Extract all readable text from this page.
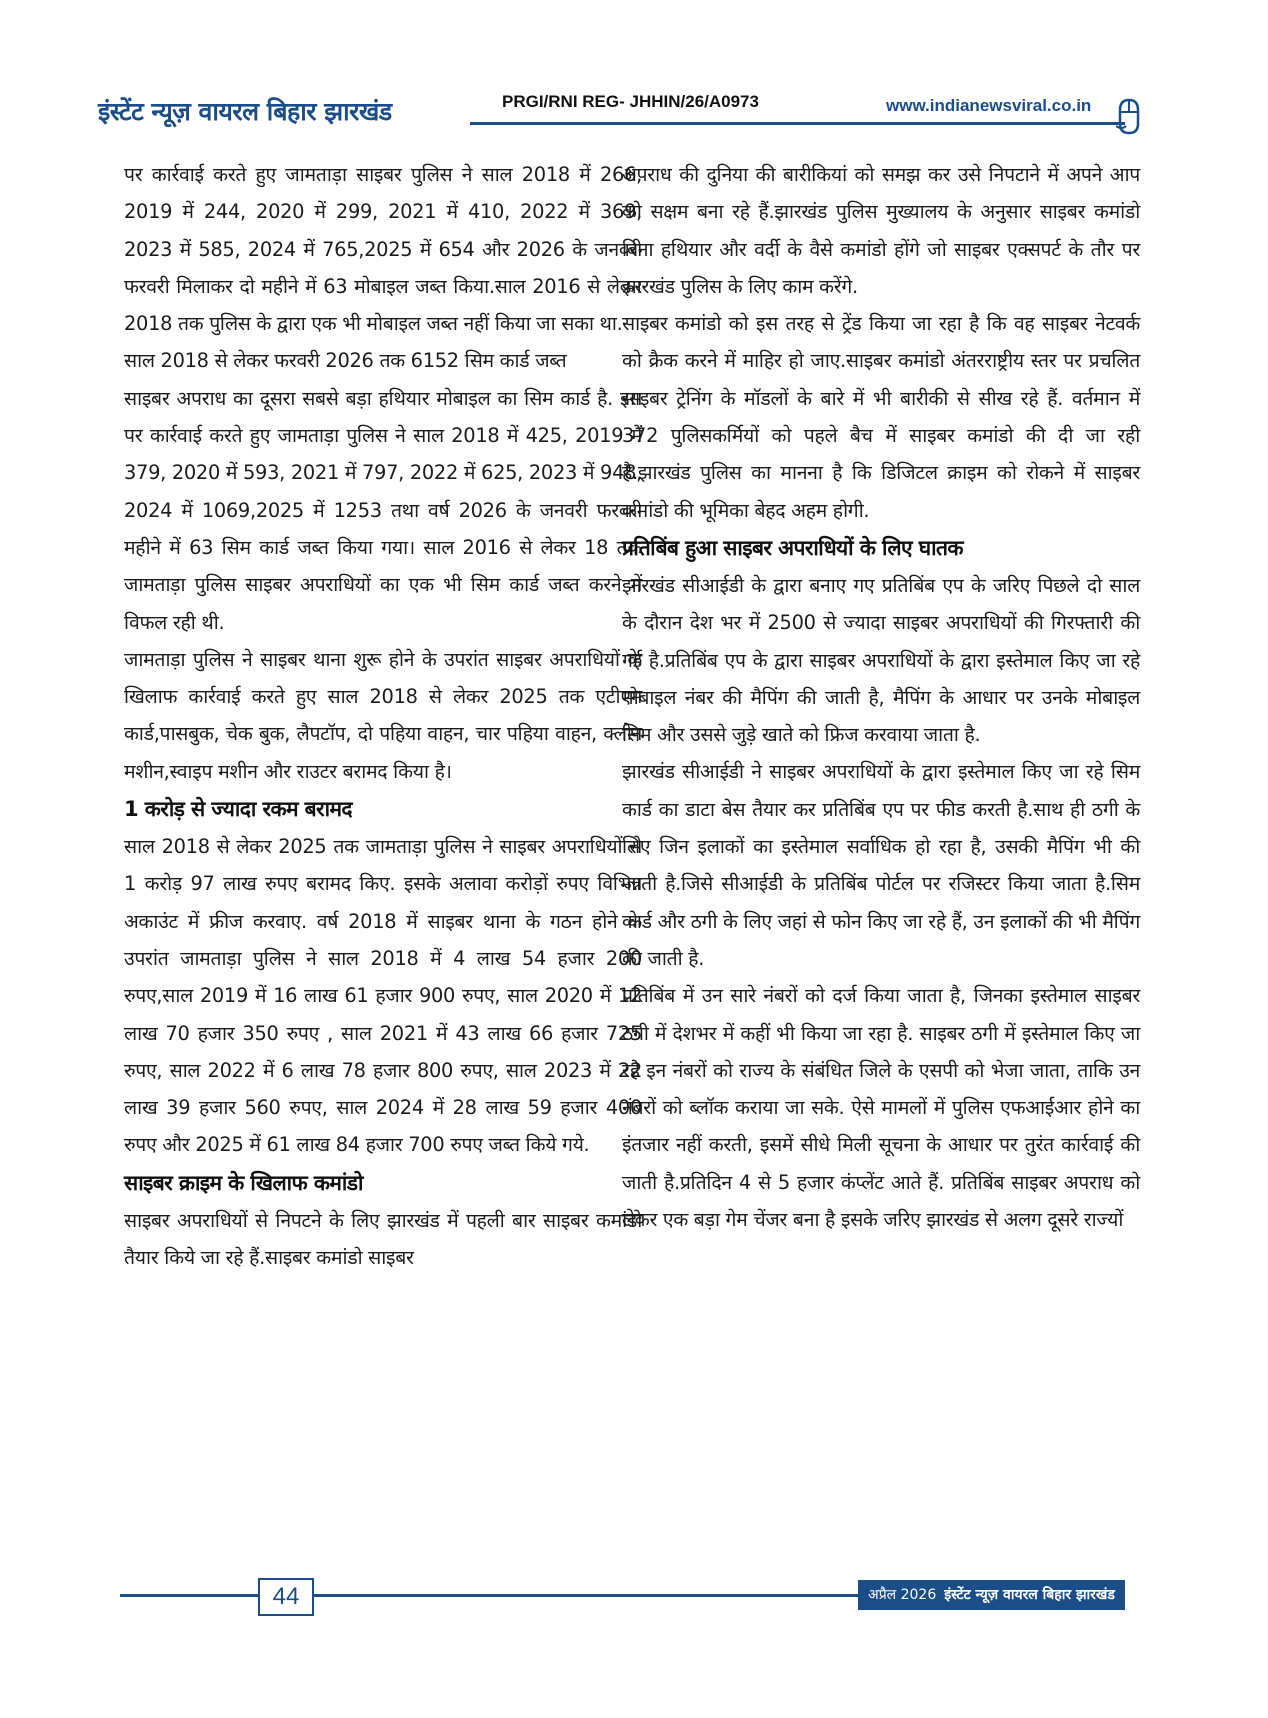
इंस्टेंट न्यूज़ वायरल बिहार झारखंड	PRGI/RNI REG- JHHIN/26/A0973	www.indianewsviral.co.in

पर कार्रवाई करते हुए जामताड़ा साइबर पुलिस ने साल 2018 में 266, 2019 में 244, 2020 में 299, 2021 में 410, 2022 में 369, 2023 में 585, 2024 में 765,2025 में 654 और 2026 के जनवरी फरवरी मिलाकर दो महीने में 63 मोबाइल जब्त किया.साल 2016 से लेकर 2018 तक पुलिस के द्वारा एक भी मोबाइल जब्त नहीं किया जा सका था.

साल 2018 से लेकर फरवरी 2026 तक 6152 सिम कार्ड जब्त

साइबर अपराध का दूसरा सबसे बड़ा हथियार मोबाइल का सिम कार्ड है. इस पर कार्रवाई करते हुए जामताड़ा पुलिस ने साल 2018 में 425, 2019 में 379, 2020 में 593, 2021 में 797, 2022 में 625, 2023 में 948, 2024 में 1069,2025 में 1253 तथा वर्ष 2026 के जनवरी फरवरी महीने में 63 सिम कार्ड जब्त किया गया। साल 2016 से लेकर 18 तक जामताड़ा पुलिस साइबर अपराधियों का एक भी सिम कार्ड जब्त करने में विफल रही थी.

जामताड़ा पुलिस ने साइबर थाना शुरू होने के उपरांत साइबर अपराधियों के खिलाफ कार्रवाई करते हुए साल 2018 से लेकर 2025 तक एटीएम कार्ड,पासबुक, चेक बुक, लैपटॉप, दो पहिया वाहन, चार पहिया वाहन, क्लोन मशीन,स्वाइप मशीन और राउटर बरामद किया है।

1 करोड़ से ज्यादा रकम बरामद

साल 2018 से लेकर 2025 तक जामताड़ा पुलिस ने साइबर अपराधियों से 1 करोड़ 97 लाख रुपए बरामद किए. इसके अलावा करोड़ों रुपए विभिन्न अकाउंट में फ्रीज करवाए. वर्ष 2018 में साइबर थाना के गठन होने के उपरांत जामताड़ा पुलिस ने साल 2018 में 4 लाख 54 हजार 200 रुपए,साल 2019 में 16 लाख 61 हजार 900 रुपए, साल 2020 में 12 लाख 70 हजार 350 रुपए , साल 2021 में 43 लाख 66 हजार 725 रुपए, साल 2022 में 6 लाख 78 हजार 800 रुपए, साल 2023 में 22 लाख 39 हजार 560 रुपए, साल 2024 में 28 लाख 59 हजार 400 रुपए और 2025 में 61 लाख 84 हजार 700 रुपए जब्त किये गये.

साइबर क्राइम के खिलाफ कमांडो

साइबर अपराधियों से निपटने के लिए झारखंड में पहली बार साइबर कमांडो तैयार किये जा रहे हैं.साइबर कमांडो साइबर

अपराध की दुनिया की बारीकियां को समझ कर उसे निपटाने में अपने आप को सक्षम बना रहे हैं.झारखंड पुलिस मुख्यालय के अनुसार साइबर कमांडो बिना हथियार और वर्दी के वैसे कमांडो होंगे जो साइबर एक्सपर्ट के तौर पर झारखंड पुलिस के लिए काम करेंगे.

साइबर कमांडो को इस तरह से ट्रेंड किया जा रहा है कि वह साइबर नेटवर्क को क्रैक करने में माहिर हो जाए.साइबर कमांडो अंतरराष्ट्रीय स्तर पर प्रचलित साइबर ट्रेनिंग के मॉडलों के बारे में भी बारीकी से सीख रहे हैं. वर्तमान में 372 पुलिसकर्मियों को पहले बैच में साइबर कमांडो की दी जा रही है.झारखंड पुलिस का मानना है कि डिजिटल क्राइम को रोकने में साइबर कमांडो की भूमिका बेहद अहम होगी.

प्रतिबिंब हुआ साइबर अपराधियों के लिए घातक

झारखंड सीआईडी के द्वारा बनाए गए प्रतिबिंब एप के जरिए पिछले दो साल के दौरान देश भर में 2500 से ज्यादा साइबर अपराधियों की गिरफ्तारी की गई है.प्रतिबिंब एप के द्वारा साइबर अपराधियों के द्वारा इस्तेमाल किए जा रहे मोबाइल नंबर की मैपिंग की जाती है, मैपिंग के आधार पर उनके मोबाइल सिम और उससे जुड़े खाते को फ्रिज करवाया जाता है.

झारखंड सीआईडी ने साइबर अपराधियों के द्वारा इस्तेमाल किए जा रहे सिम कार्ड का डाटा बेस तैयार कर प्रतिबिंब एप पर फीड करती है.साथ ही ठगी के लिए जिन इलाकों का इस्तेमाल सर्वाधिक हो रहा है, उसकी मैपिंग भी की जाती है.जिसे सीआईडी के प्रतिबिंब पोर्टल पर रजिस्टर किया जाता है.सिम कार्ड और ठगी के लिए जहां से फोन किए जा रहे हैं, उन इलाकों की भी मैपिंग की जाती है.

प्रतिबिंब में उन सारे नंबरों को दर्ज किया जाता है, जिनका इस्तेमाल साइबर ठगी में देशभर में कहीं भी किया जा रहा है. साइबर ठगी में इस्तेमाल किए जा रहे इन नंबरों को राज्य के संबंधित जिले के एसपी को भेजा जाता, ताकि उन नंबरों को ब्लॉक कराया जा सके. ऐसे मामलों में पुलिस एफआईआर होने का इंतजार नहीं करती, इसमें सीधे मिली सूचना के आधार पर तुरंत कार्रवाई की जाती है.प्रतिदिन 4 से 5 हजार कंप्लेंट आते हैं. प्रतिबिंब साइबर अपराध को लेकर एक बड़ा गेम चेंजर बना है इसके जरिए झारखंड से अलग दूसरे राज्यों

44	अप्रैल 2026 इंस्टेंट न्यूज़ वायरल बिहार झारखंड
